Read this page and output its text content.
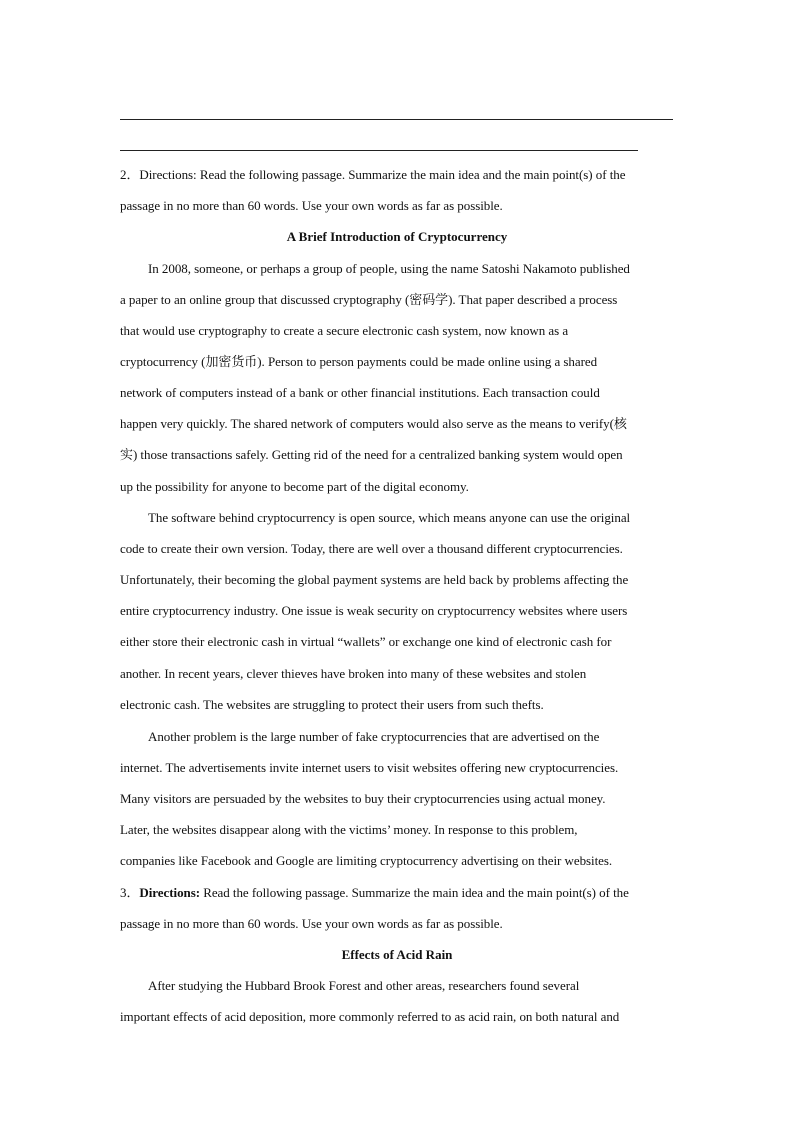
2．Directions: Read the following passage. Summarize the main idea and the main point(s) of the
passage in no more than 60 words. Use your own words as far as possible.
A Brief Introduction of Cryptocurrency
In 2008, someone, or perhaps a group of people, using the name Satoshi Nakamoto published
a paper to an online group that discussed cryptography (密码学). That paper described a process
that would use cryptography to create a secure electronic cash system, now known as a
cryptocurrency (加密货币). Person to person payments could be made online using a shared
network of computers instead of a bank or other financial institutions. Each transaction could
happen very quickly. The shared network of computers would also serve as the means to verify(核
实) those transactions safely. Getting rid of the need for a centralized banking system would open
up the possibility for anyone to become part of the digital economy.
The software behind cryptocurrency is open source, which means anyone can use the original
code to create their own version. Today, there are well over a thousand different cryptocurrencies.
Unfortunately, their becoming the global payment systems are held back by problems affecting the
entire cryptocurrency industry. One issue is weak security on cryptocurrency websites where users
either store their electronic cash in virtual “wallets” or exchange one kind of electronic cash for
another. In recent years, clever thieves have broken into many of these websites and stolen
electronic cash. The websites are struggling to protect their users from such thefts.
Another problem is the large number of fake cryptocurrencies that are advertised on the
internet. The advertisements invite internet users to visit websites offering new cryptocurrencies.
Many visitors are persuaded by the websites to buy their cryptocurrencies using actual money.
Later, the websites disappear along with the victims’ money. In response to this problem,
companies like Facebook and Google are limiting cryptocurrency advertising on their websites.
3．Directions: Read the following passage. Summarize the main idea and the main point(s) of the
passage in no more than 60 words. Use your own words as far as possible.
Effects of Acid Rain
After studying the Hubbard Brook Forest and other areas, researchers found several
important effects of acid deposition, more commonly referred to as acid rain, on both natural and
